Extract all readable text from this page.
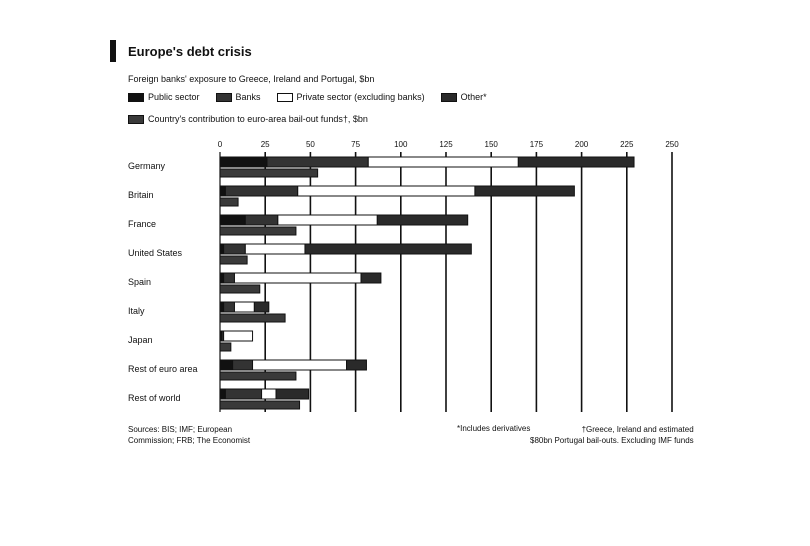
Europe's debt crisis
Foreign banks' exposure to Greece, Ireland and Portugal, $bn
Public sector	Banks	Private sector (excluding banks)	Other*
Country's contribution to euro-area bail-out funds†, $bn
0	25	50	75	100	125	150	175	200	225	250
Germany
Britain
France
United States
Spain
Italy
Japan
Rest of euro area
Rest of world
Sources: BIS; IMF; European
Commission; FRB; The Economist
*Includes derivatives	†Greece, Ireland and estimated
$80bn Portugal bail-outs. Excluding IMF funds
